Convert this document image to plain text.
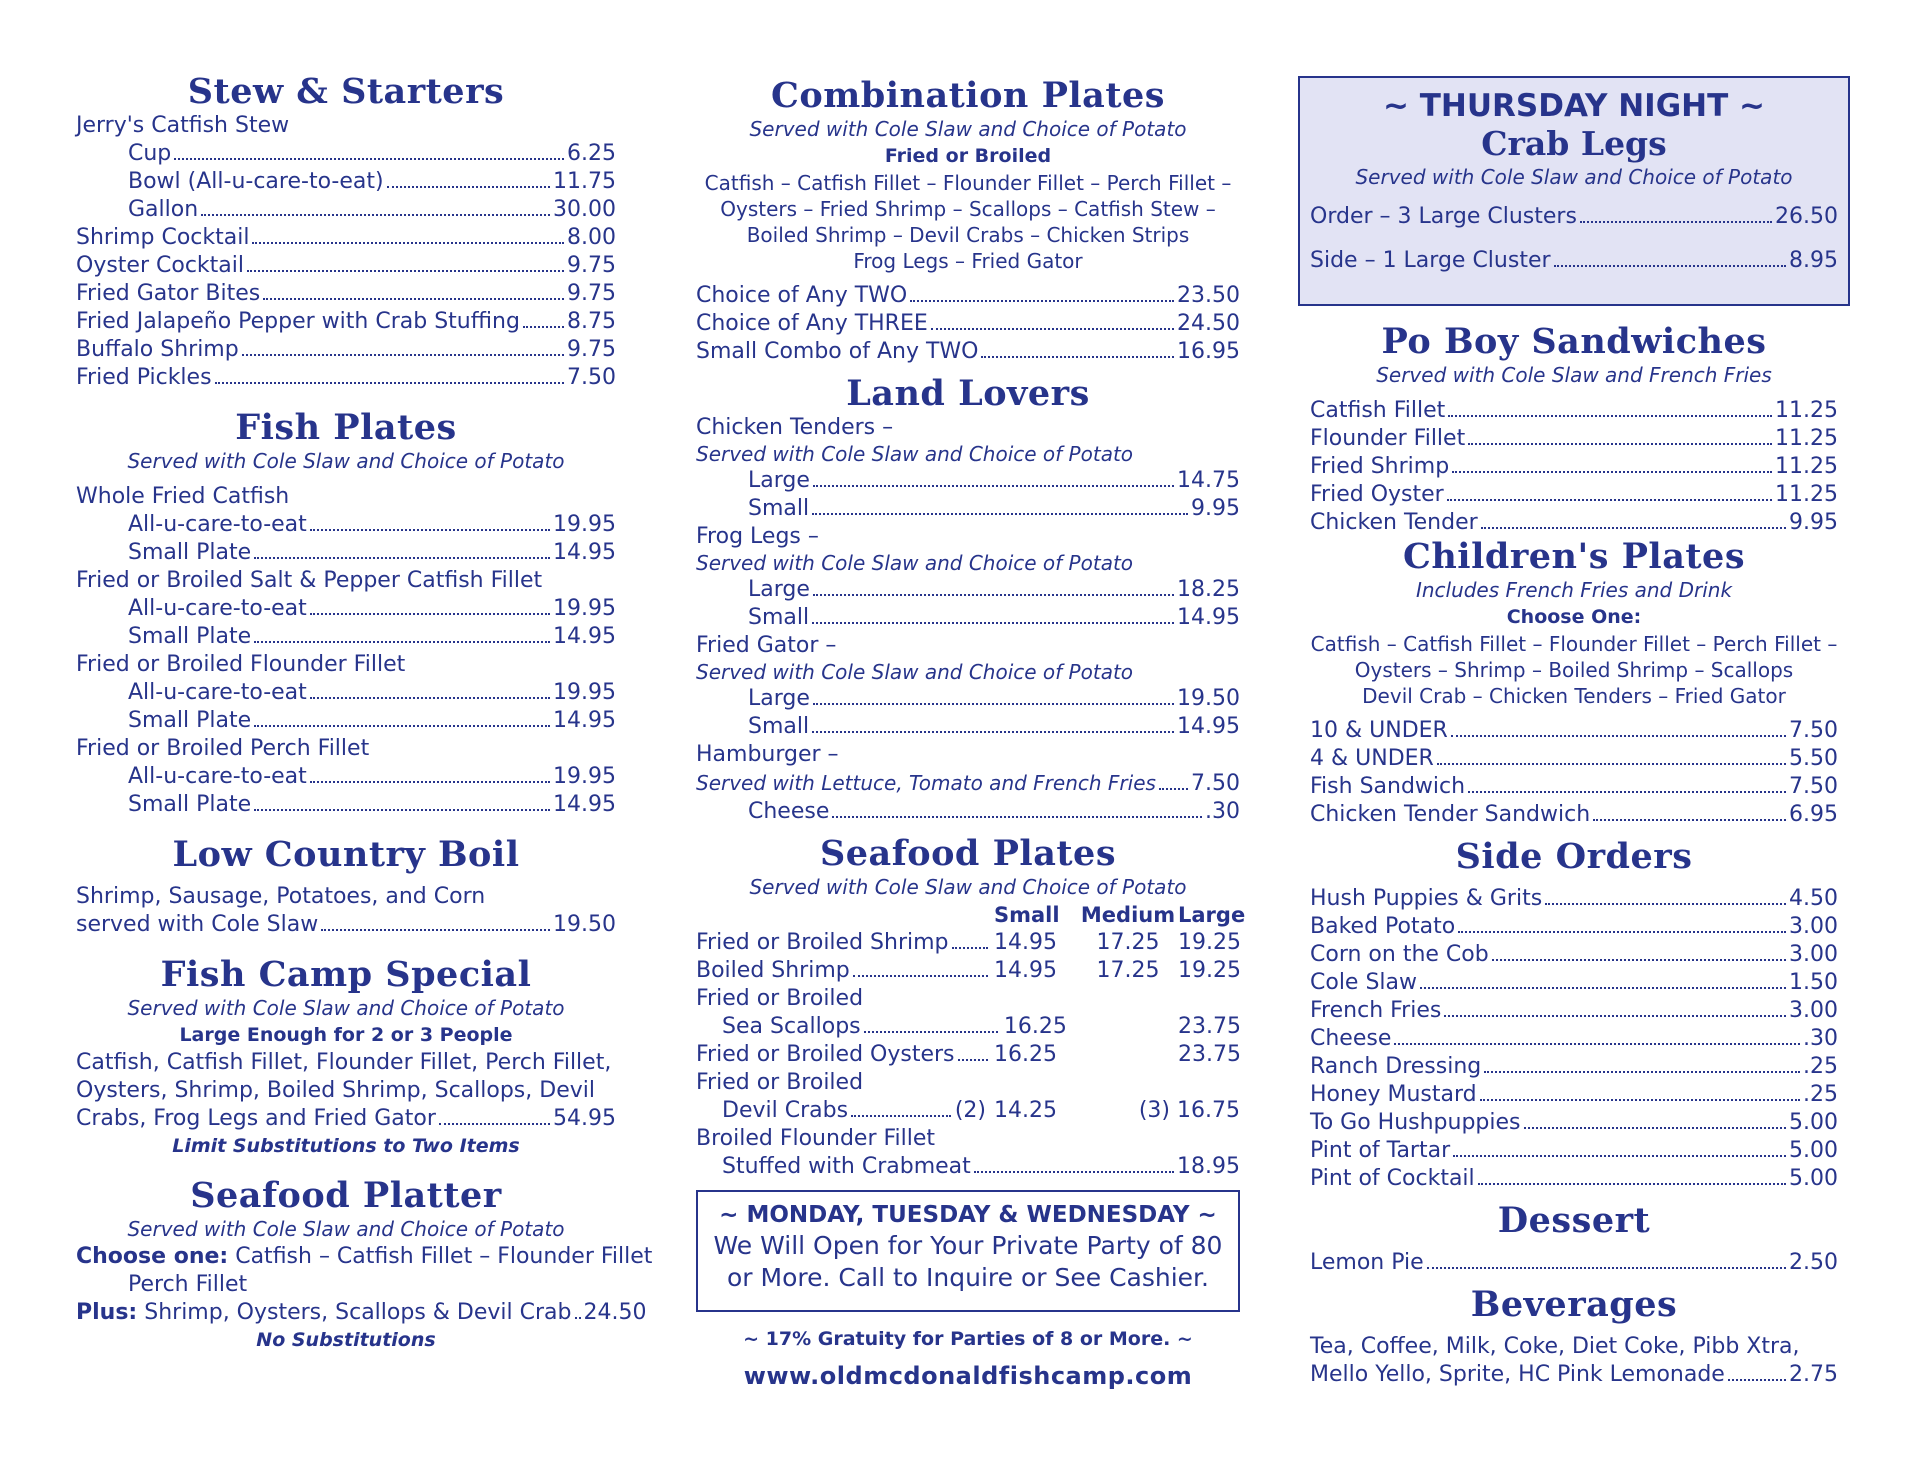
Stew & Starters
Jerry's Catfish Stew
Cup	6.25
Bowl (All-u-care-to-eat)	11.75
Gallon	30.00
Shrimp Cocktail	8.00
Oyster Cocktail	9.75
Fried Gator Bites	9.75
Fried Jalapeño Pepper with Crab Stuffing 8.75
Buffalo Shrimp	9.75
Fried Pickles	7.50
Fish Plates
Served with Cole Slaw and Choice of Potato
Whole Fried Catfish
All-u-care-to-eat	19.95
Small Plate	14.95
Fried or Broiled Salt & Pepper Catfish Fillet
All-u-care-to-eat	19.95
Small Plate	14.95
Fried or Broiled Flounder Fillet
All-u-care-to-eat	19.95
Small Plate	14.95
Fried or Broiled Perch Fillet
All-u-care-to-eat	19.95
Small Plate	14.95
Low Country Boil
Shrimp, Sausage, Potatoes, and Corn
served with Cole Slaw	19.50
Fish Camp Special
Served with Cole Slaw and Choice of Potato
Large Enough for 2 or 3 People
Catfish, Catfish Fillet, Flounder Fillet, Perch Fillet,
Oysters, Shrimp, Boiled Shrimp, Scallops, Devil
Crabs, Frog Legs and Fried Gator	54.95
Limit Substitutions to Two Items
Seafood Platter
Served with Cole Slaw and Choice of Potato
Choose one: Catfish – Catfish Fillet – Flounder Fillet
Perch Fillet
Plus: Shrimp, Oysters, Scallops & Devil Crab 24.50
No Substitutions
Combination Plates
Served with Cole Slaw and Choice of Potato
Fried or Broiled
Catfish – Catfish Fillet – Flounder Fillet – Perch Fillet –
Oysters – Fried Shrimp – Scallops – Catfish Stew –
Boiled Shrimp – Devil Crabs – Chicken Strips
Frog Legs – Fried Gator
Choice of Any TWO	23.50
Choice of Any THREE	24.50
Small Combo of Any TWO	16.95
Land Lovers
Chicken Tenders –
Served with Cole Slaw and Choice of Potato
Large	14.75
Small	9.95
Frog Legs –
Served with Cole Slaw and Choice of Potato
Large	18.25
Small	14.95
Fried Gator –
Served with Cole Slaw and Choice of Potato
Large	19.50
Small	14.95
Hamburger –
Served with Lettuce, Tomato and French Fries 7.50
Cheese	.30
Seafood Plates
Served with Cole Slaw and Choice of Potato
Small	Medium Large
Fried or Broiled Shrimp 14.95	17.25 19.25
Boiled Shrimp	14.95	17.25 19.25
Fried or Broiled
Sea Scallops	16.25	23.75
Fried or Broiled Oysters 16.25	23.75
Fried or Broiled
Devil Crabs	(2) 14.25	(3) 16.75
Broiled Flounder Fillet
Stuffed with Crabmeat	18.95
~ MONDAY, TUESDAY & WEDNESDAY ~
We Will Open for Your Private Party of 80
or More. Call to Inquire or See Cashier.
~ 17% Gratuity for Parties of 8 or More. ~
www.oldmcdonaldfishcamp.com
~ THURSDAY NIGHT ~
Crab Legs
Served with Cole Slaw and Choice of Potato
Order – 3 Large Clusters	26.50
Side – 1 Large Cluster	8.95
Po Boy Sandwiches
Served with Cole Slaw and French Fries
Catfish Fillet	11.25
Flounder Fillet	11.25
Fried Shrimp	11.25
Fried Oyster	11.25
Chicken Tender	9.95
Children's Plates
Includes French Fries and Drink
Choose One:
Catfish – Catfish Fillet – Flounder Fillet – Perch Fillet –
Oysters – Shrimp – Boiled Shrimp – Scallops
Devil Crab – Chicken Tenders – Fried Gator
10 & UNDER	7.50
4 & UNDER	5.50
Fish Sandwich	7.50
Chicken Tender Sandwich	6.95
Side Orders
Hush Puppies & Grits	4.50
Baked Potato	3.00
Corn on the Cob	3.00
Cole Slaw	1.50
French Fries	3.00
Cheese	.30
Ranch Dressing	.25
Honey Mustard	.25
To Go Hushpuppies	5.00
Pint of Tartar	5.00
Pint of Cocktail	5.00
Dessert
Lemon Pie	2.50
Beverages
Tea, Coffee, Milk, Coke, Diet Coke, Pibb Xtra,
Mello Yello, Sprite, HC Pink Lemonade	2.75
